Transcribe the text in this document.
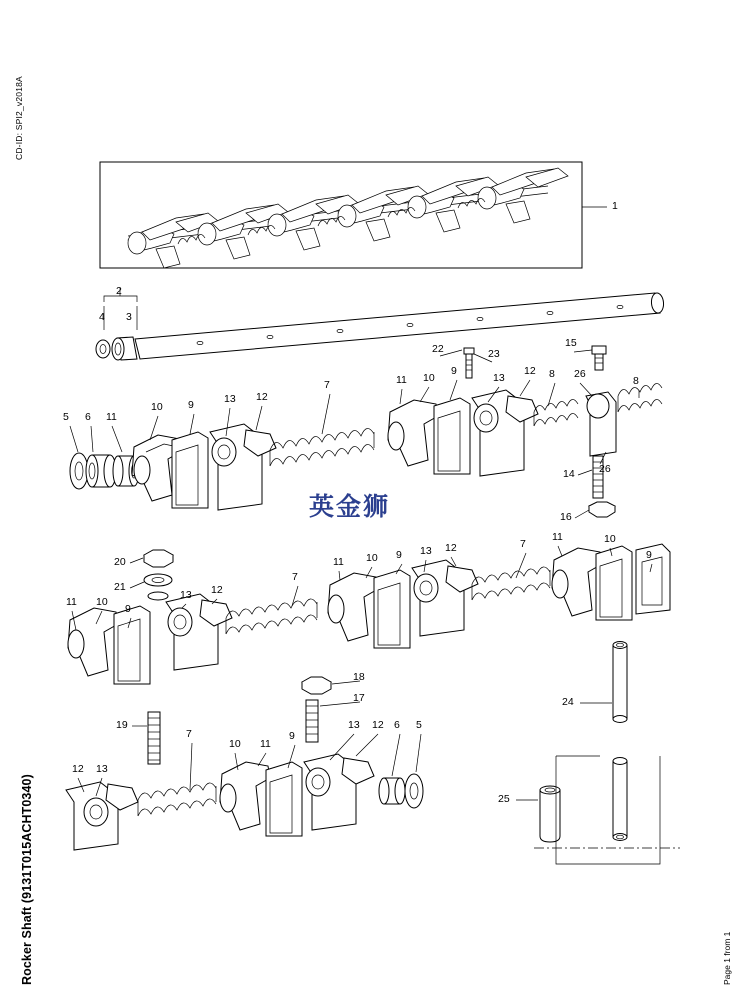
CD-ID: SPI2_v2018A
Rocker Shaft (9131T015ACHT0340)	Page 1 from 1
英金狮
1
2
3
4
5 6 11
10 9	13 12
7	11 10
9
13
12 8 26
8
22	23
15
14 26
16
20
21
11 10
9
13 12
7
11 10 9 13 12	7
11	10
9
18
17
19
7
10 11
9
13 12 6 5
12 13
24
25
